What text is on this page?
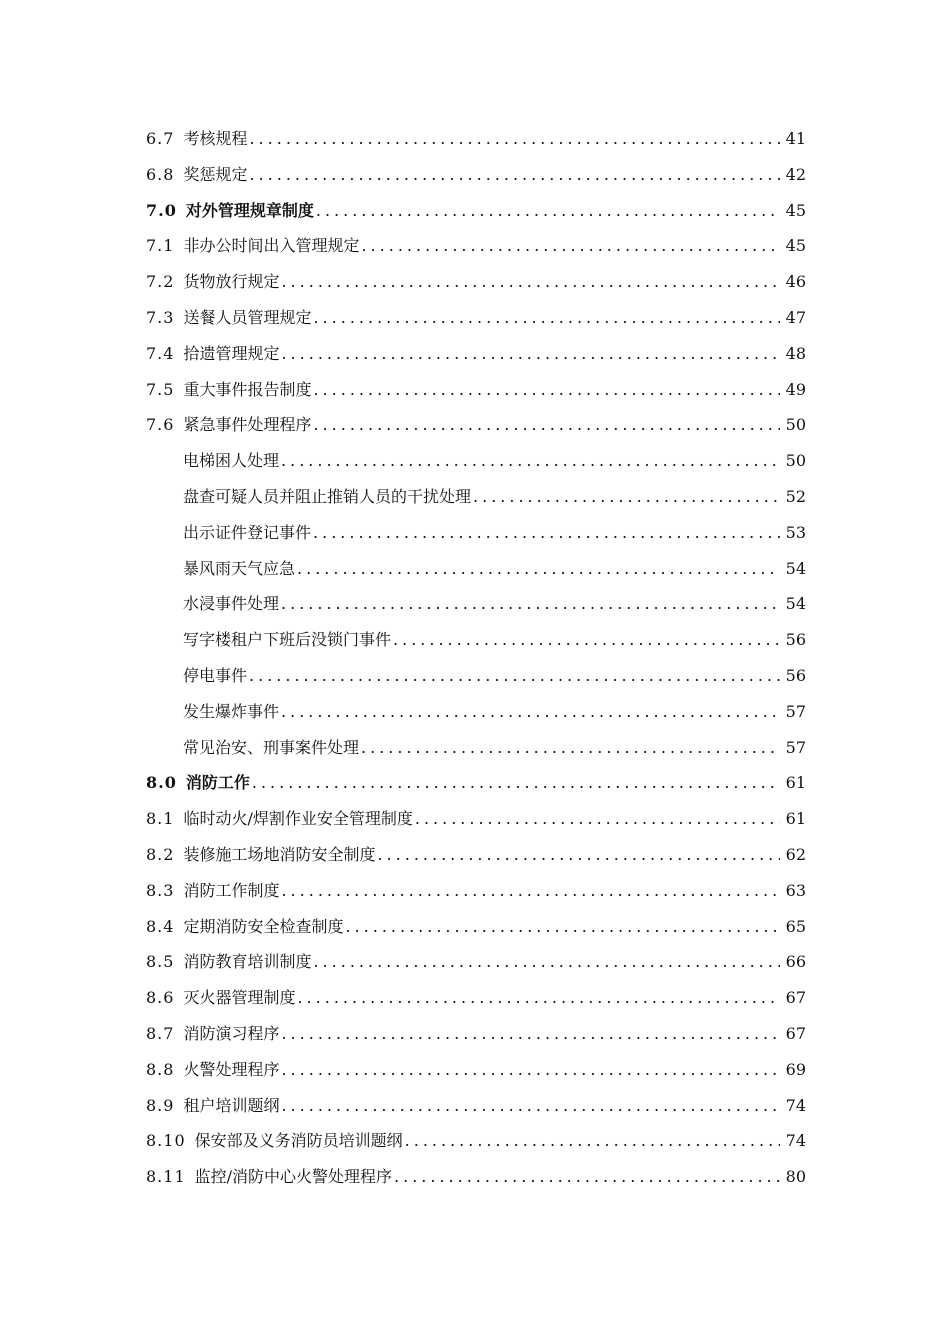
6.7 考核规程 .....	41
6.8 奖惩规定 .....	42
7.0 对外管理规章制度 .....	45
7.1 非办公时间出入管理规定 .....	45
7.2 货物放行规定 .....	46
7.3 送餐人员管理规定 .....	47
7.4 拾遗管理规定 .....	48
7.5 重大事件报告制度 .....	49
7.6 紧急事件处理程序 .....	50
电梯困人处理 .....	50
盘查可疑人员并阻止推销人员的干扰处理 .....	52
出示证件登记事件 .....	53
暴风雨天气应急 .....	54
水浸事件处理 .....	54
写字楼租户下班后没锁门事件 .....	56
停电事件 .....	56
发生爆炸事件 .....	57
常见治安、刑事案件处理 .....	57
8.0 消防工作 .....	61
8.1 临时动火/焊割作业安全管理制度 .....	61
8.2 装修施工场地消防安全制度 .....	62
8.3 消防工作制度 .....	63
8.4 定期消防安全检查制度 .....	65
8.5 消防教育培训制度 .....	66
8.6 灭火器管理制度 .....	67
8.7 消防演习程序 .....	67
8.8 火警处理程序 .....	69
8.9 租户培训题纲 .....	74
8.10 保安部及义务消防员培训题纲 .....	74
8.11 监控/消防中心火警处理程序 .....	80
